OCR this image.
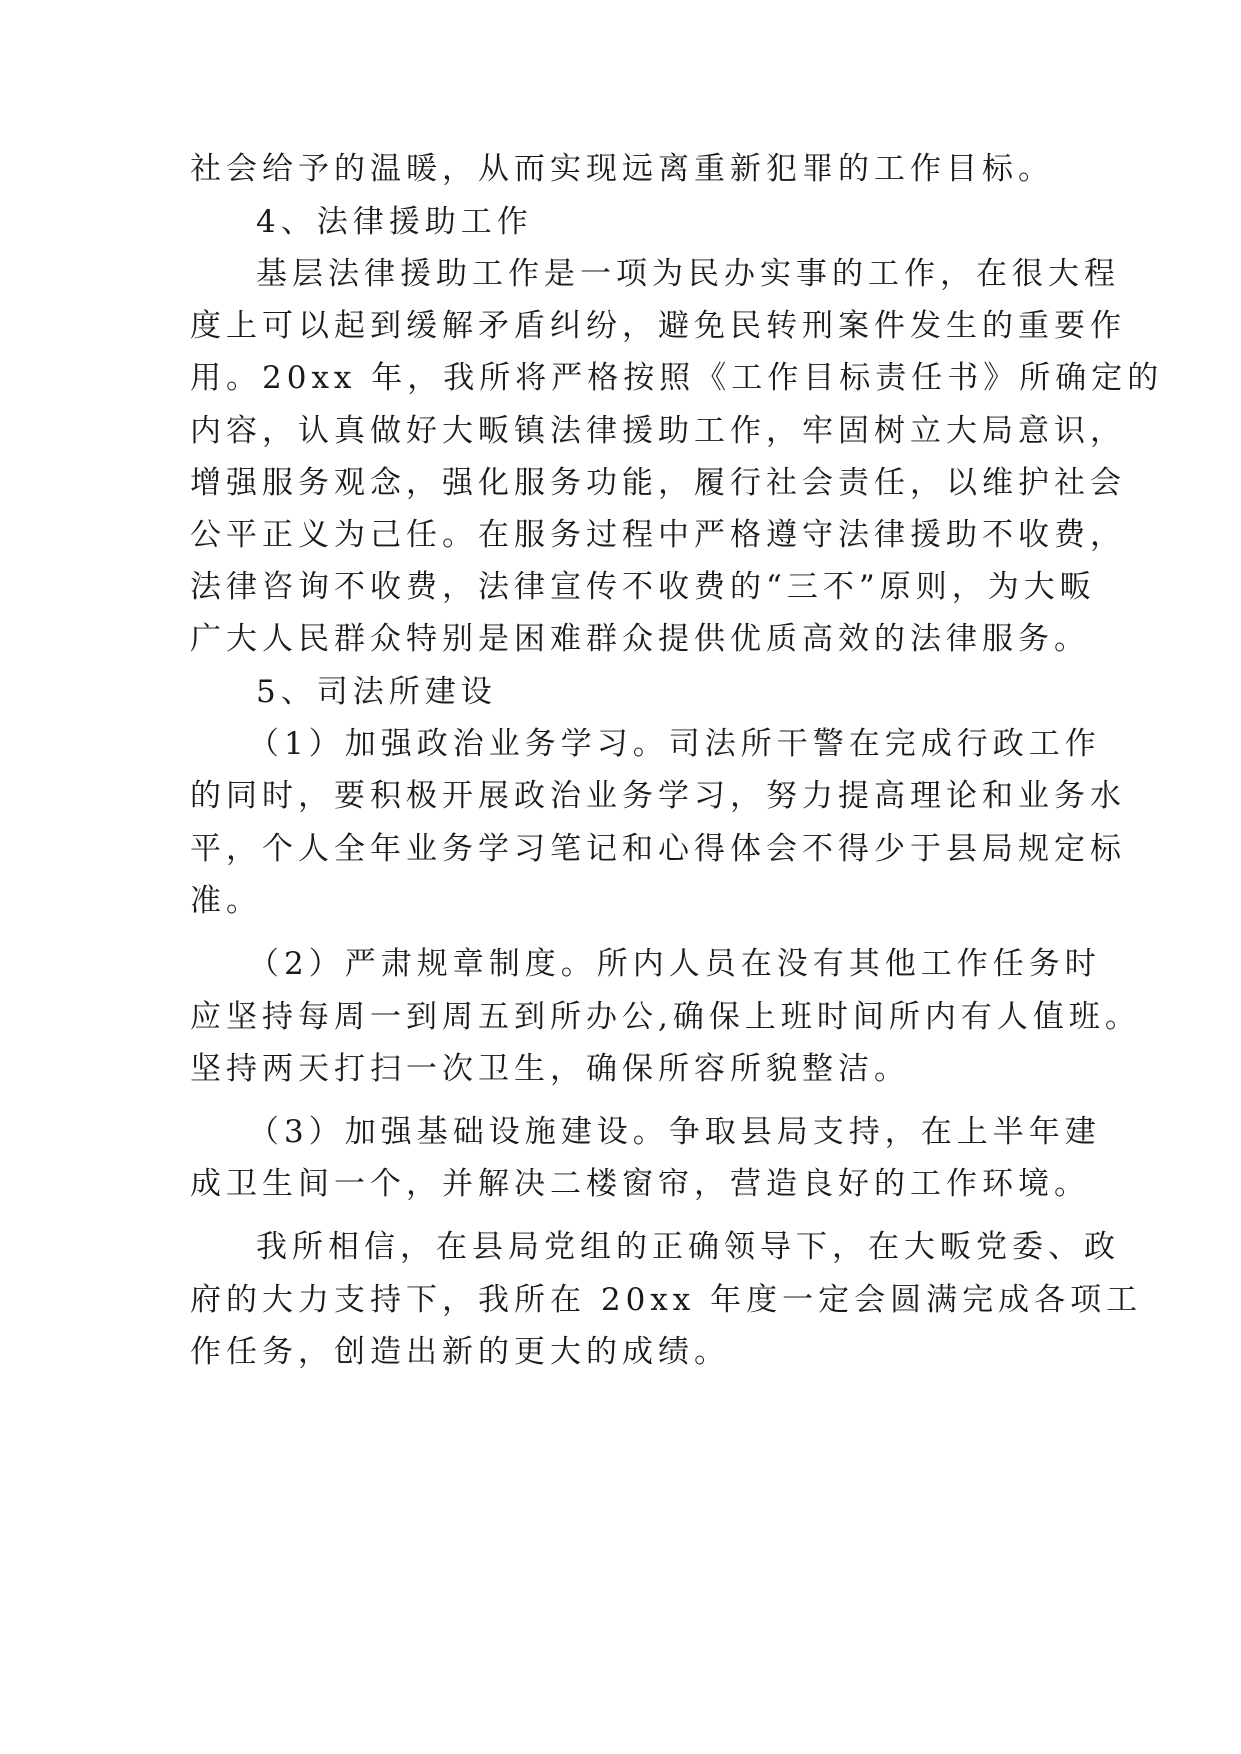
社会给予的温暖，从而实现远离重新犯罪的工作目标。

4、法律援助工作

基层法律援助工作是一项为民办实事的工作，在很大程

度上可以起到缓解矛盾纠纷，避免民转刑案件发生的重要作

用。20xx 年，我所将严格按照《工作目标责任书》所确定的

内容，认真做好大畈镇法律援助工作，牢固树立大局意识，

增强服务观念，强化服务功能，履行社会责任，以维护社会

公平正义为己任。在服务过程中严格遵守法律援助不收费，

法律咨询不收费，法律宣传不收费的“三不”原则，为大畈

广大人民群众特别是困难群众提供优质高效的法律服务。

5、司法所建设

（1）加强政治业务学习。司法所干警在完成行政工作

的同时，要积极开展政治业务学习，努力提高理论和业务水

平，个人全年业务学习笔记和心得体会不得少于县局规定标

准。

（2）严肃规章制度。所内人员在没有其他工作任务时

应坚持每周一到周五到所办公,确保上班时间所内有人值班。

坚持两天打扫一次卫生，确保所容所貌整洁。

（3）加强基础设施建设。争取县局支持，在上半年建

成卫生间一个，并解决二楼窗帘，营造良好的工作环境。

我所相信，在县局党组的正确领导下，在大畈党委、政

府的大力支持下，我所在 20xx 年度一定会圆满完成各项工

作任务，创造出新的更大的成绩。
